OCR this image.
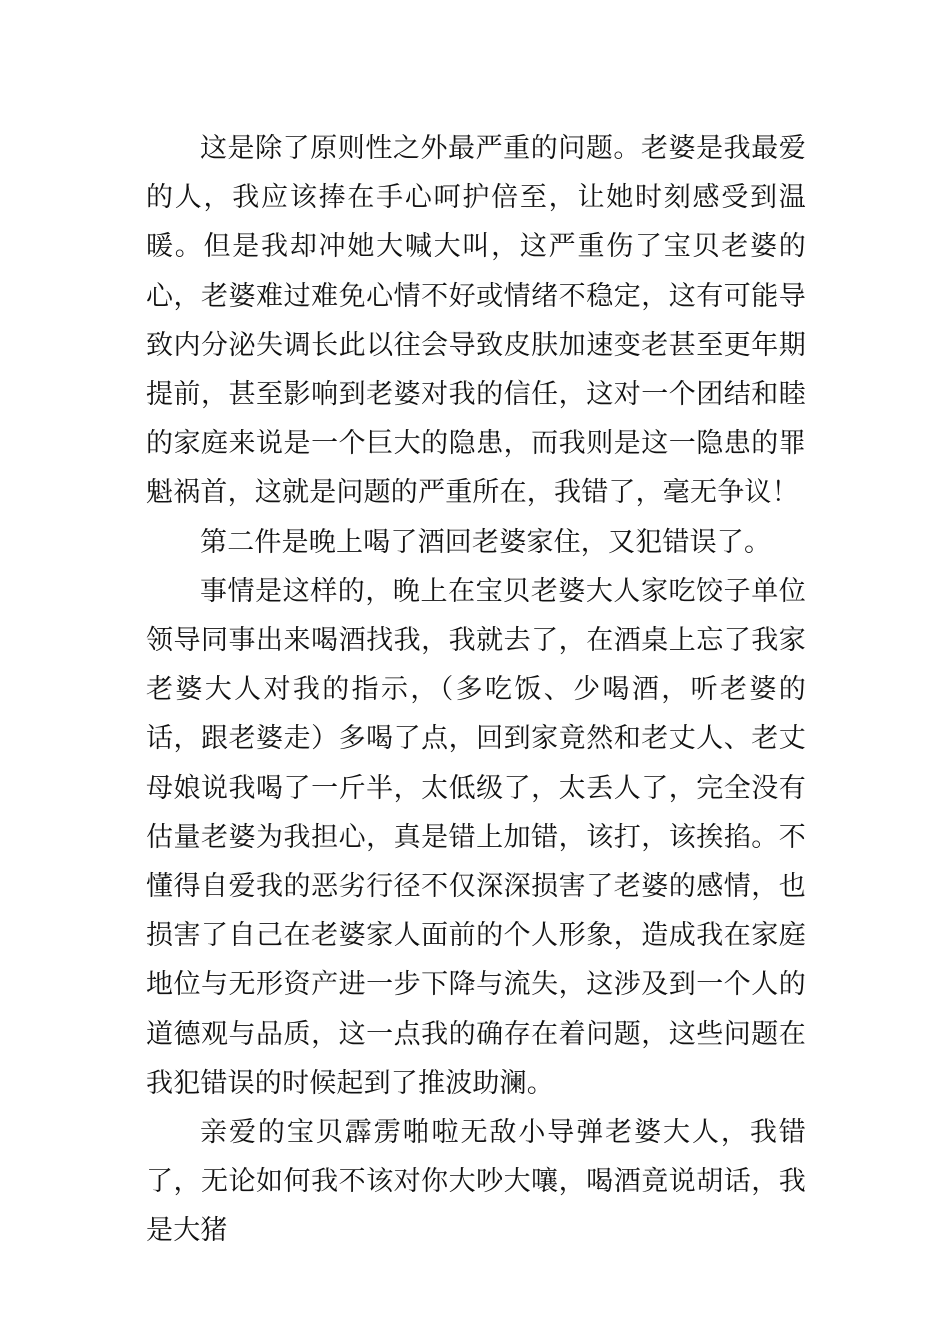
这是除了原则性之外最严重的问题。老婆是我最爱的人，我应该捧在手心呵护倍至，让她时刻感受到温暖。但是我却冲她大喊大叫，这严重伤了宝贝老婆的心，老婆难过难免心情不好或情绪不稳定，这有可能导致内分泌失调长此以往会导致皮肤加速变老甚至更年期提前，甚至影响到老婆对我的信任，这对一个团结和睦的家庭来说是一个巨大的隐患，而我则是这一隐患的罪魁祸首，这就是问题的严重所在，我错了，毫无争议！

第二件是晚上喝了酒回老婆家住，又犯错误了。

事情是这样的，晚上在宝贝老婆大人家吃饺子单位领导同事出来喝酒找我，我就去了，在酒桌上忘了我家老婆大人对我的指示，（多吃饭、少喝酒，听老婆的话，跟老婆走）多喝了点，回到家竟然和老丈人、老丈母娘说我喝了一斤半，太低级了，太丢人了，完全没有估量老婆为我担心，真是错上加错，该打，该挨掐。不懂得自爱我的恶劣行径不仅深深损害了老婆的感情，也损害了自己在老婆家人面前的个人形象，造成我在家庭地位与无形资产进一步下降与流失，这涉及到一个人的道德观与品质，这一点我的确存在着问题，这些问题在我犯错误的时候起到了推波助澜。

亲爱的宝贝霹雳啪啦无敌小导弹老婆大人，我错了，无论如何我不该对你大吵大嚷，喝酒竟说胡话，我是大猪
